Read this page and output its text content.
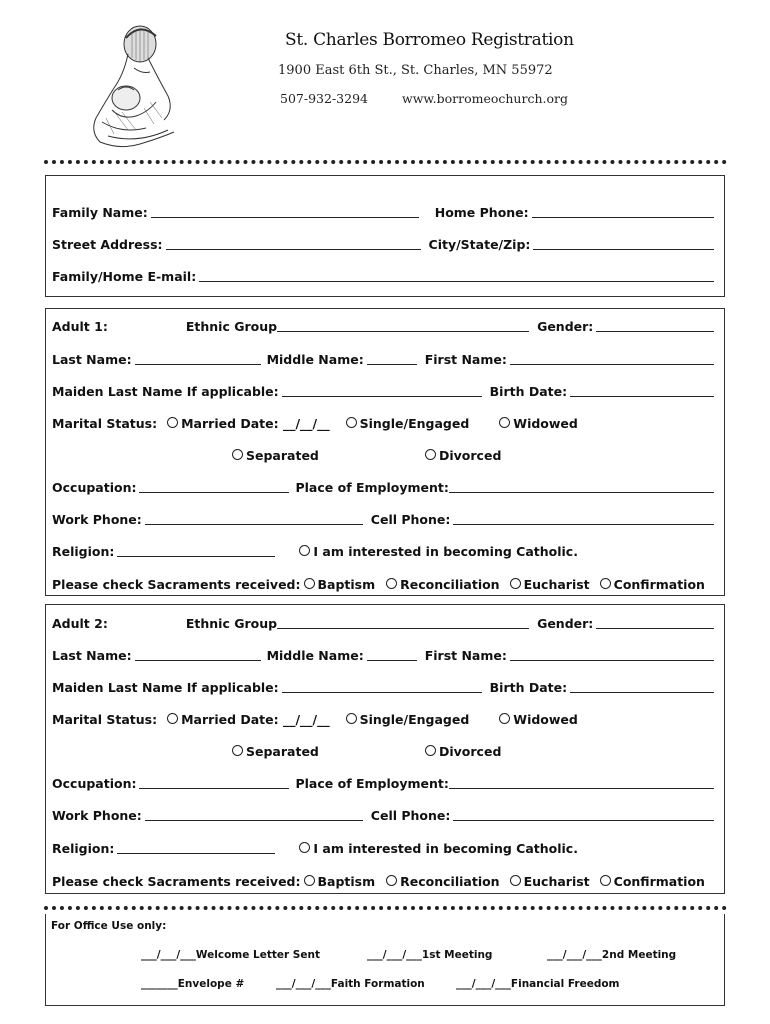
St. Charles Borromeo Registration
1900 East 6th St., St. Charles, MN 55972
507-932-3294	www.borromeochurch.org
Family Name:	Home Phone:
Street Address:	City/State/Zip:
Family/Home E-mail:
Adult 1:	Ethnic Group	Gender:
Last Name:	Middle Name:	First Name:
Maiden Last Name If applicable:	Birth Date:
Marital Status: Married Date: __/__/__ Single/Engaged	Widowed
Separated	Divorced
Occupation:	Place of Employment:
Work Phone:	Cell Phone:
Religion:	I am interested in becoming Catholic.
Please check Sacraments received: Baptism Reconciliation Eucharist Confirmation
Adult 2:	Ethnic Group	Gender:
Last Name:	Middle Name:	First Name:
Maiden Last Name If applicable:	Birth Date:
Marital Status: Married Date: __/__/__ Single/Engaged	Widowed
Separated	Divorced
Occupation:	Place of Employment:
Work Phone:	Cell Phone:
Religion:	I am interested in becoming Catholic.
Please check Sacraments received: Baptism Reconciliation Eucharist Confirmation
For Office Use only:
___/___/___Welcome Letter Sent	___/___/___1st Meeting	___/___/___2nd Meeting
_______Envelope #	___/___/___Faith Formation	___/___/___Financial Freedom
